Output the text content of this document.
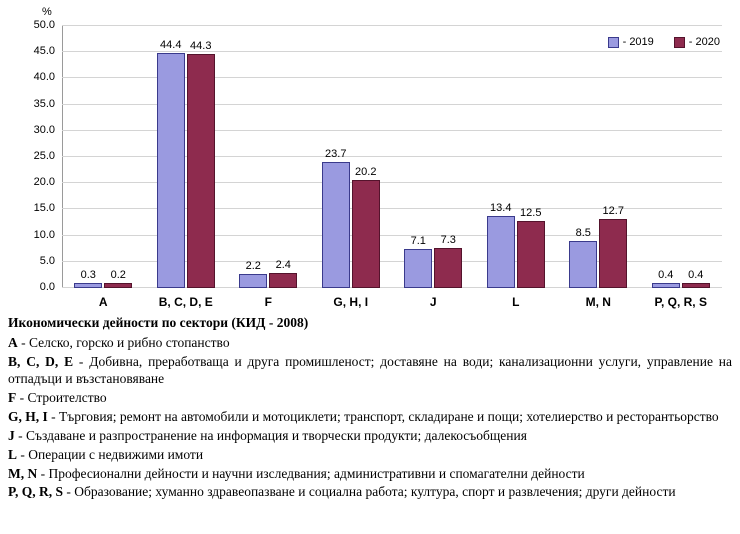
%
- 2019	- 2020
0.0
5.0
10.0
15.0
20.0
25.0
30.0
35.0
40.0
45.0
50.0
0.3 0.2
A
44.4 44.3
B, C, D, E
2.2 2.4
F
23.7
20.2
G, H, I
7.1 7.3
J
13.4 12.5
L
8.5
12.7
M, N
0.4 0.4
P, Q, R, S
Икономически дейности по сектори (КИД - 2008)
A - Селско, горско и рибно стопанство
B, C, D, E - Добивна, преработваща и друга промишленост; доставяне на води; канализационни услуги, управление на отпадъци и възстановяване
F - Строителство
G, H, I - Търговия; ремонт на автомобили и мотоциклети; транспорт, складиране и пощи; хотелиерство и ресторантьорство
J - Създаване и разпространение на информация и творчески продукти; далекосъобщения
L - Операции с недвижими имоти
M, N - Професионални дейности и научни изследвания; административни и спомагателни дейности
P, Q, R, S - Образование; хуманно здравеопазване и социална работа; култура, спорт и развлечения; други дейности
